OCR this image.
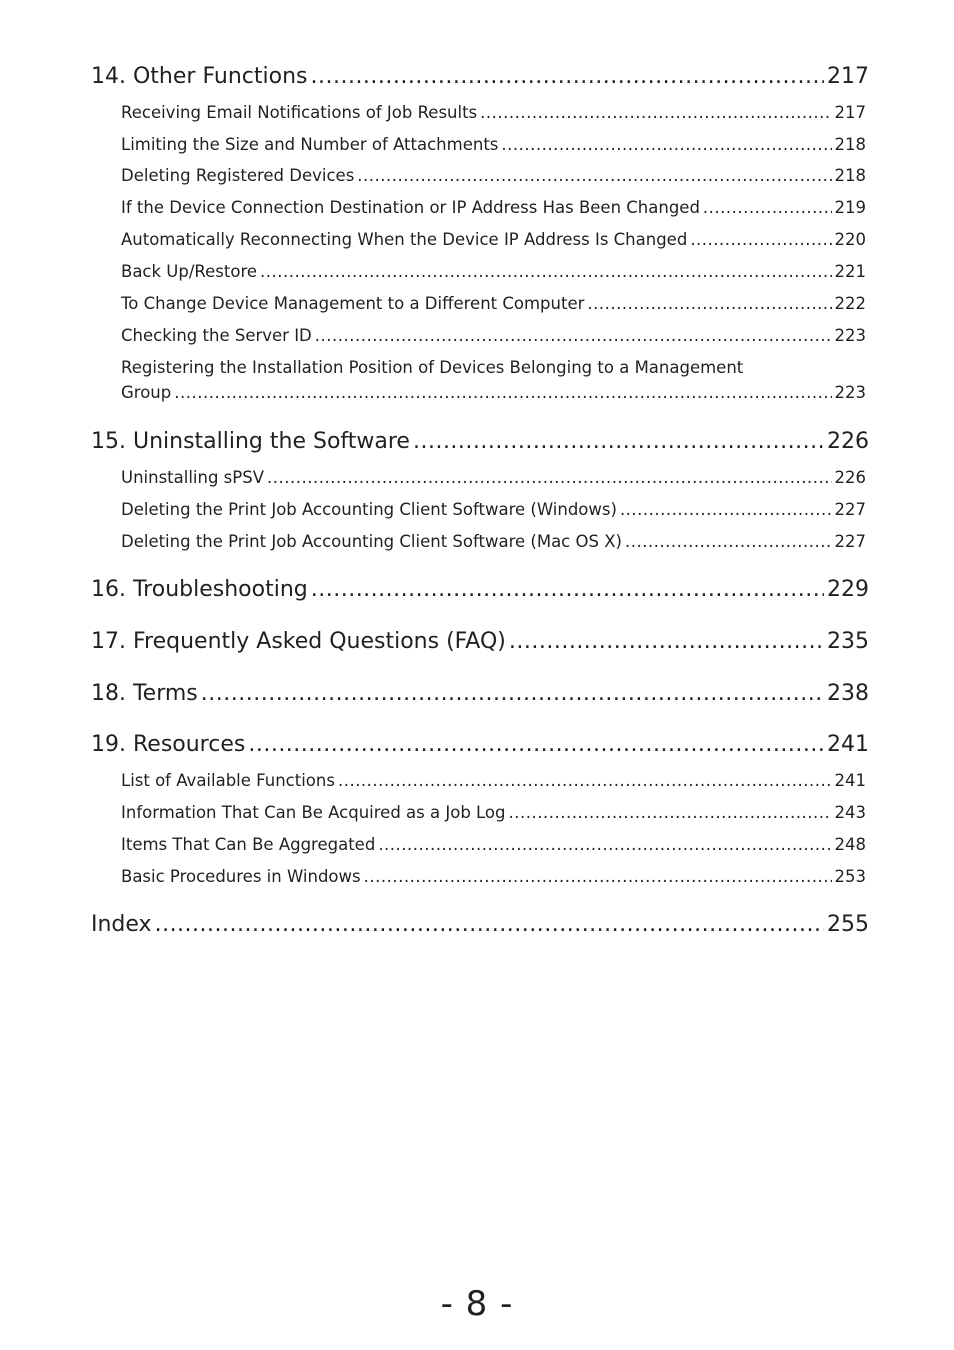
14. Other Functions .....	217
Receiving Email Notifications of Job Results .....	217
Limiting the Size and Number of Attachments .....	218
Deleting Registered Devices .....	218
If the Device Connection Destination or IP Address Has Been Changed .....	219
Automatically Reconnecting When the Device IP Address Is Changed .....	220
Back Up/Restore .....	221
To Change Device Management to a Different Computer .....	222
Checking the Server ID .....	223
Registering the Installation Position of Devices Belonging to a Management
Group .....	223
15. Uninstalling the Software .....	226
Uninstalling sPSV .....	226
Deleting the Print Job Accounting Client Software (Windows) .....	227
Deleting the Print Job Accounting Client Software (Mac OS X) .....	227
16. Troubleshooting .....	229
17. Frequently Asked Questions (FAQ) .....	235
18. Terms .....	238
19. Resources .....	241
List of Available Functions .....	241
Information That Can Be Acquired as a Job Log .....	243
Items That Can Be Aggregated .....	248
Basic Procedures in Windows .....	253
Index .....	255
- 8 -
